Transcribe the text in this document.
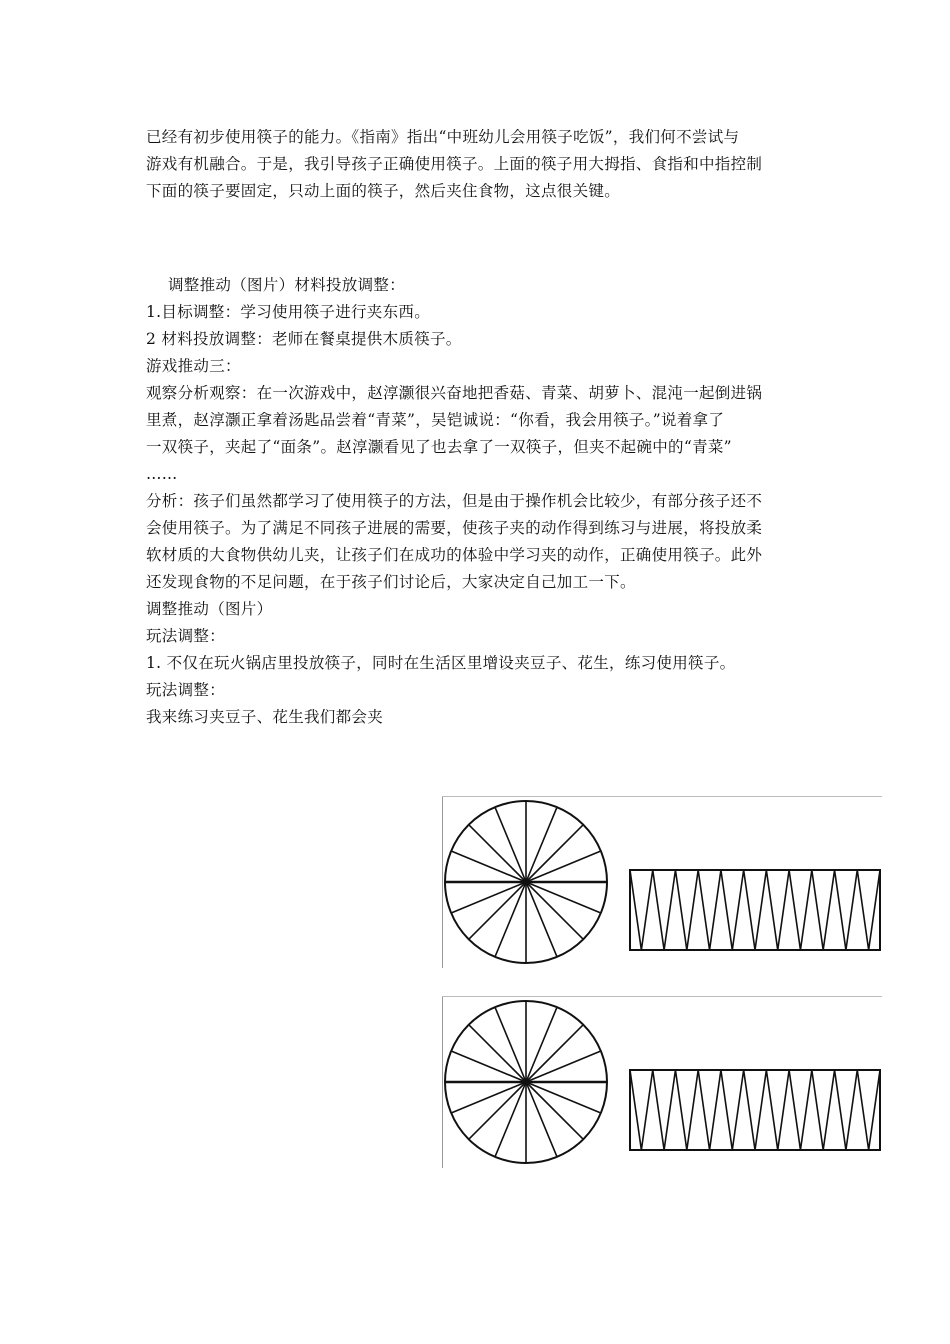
已经有初步使用筷子的能力。《指南》指出“中班幼儿会用筷子吃饭”，我们何不尝试与
游戏有机融合。于是，我引导孩子正确使用筷子。上面的筷子用大拇指、食指和中指控制
下面的筷子要固定，只动上面的筷子，然后夹住食物，这点很关键。
调整推动（图片）材料投放调整：
1.目标调整：学习使用筷子进行夹东西。
2 材料投放调整：老师在餐桌提供木质筷子。
游戏推动三：
观察分析观察：在一次游戏中，赵淳灏很兴奋地把香菇、青菜、胡萝卜、混沌一起倒进锅
里煮，赵淳灏正拿着汤匙品尝着“青菜”，吴铠诚说：“你看，我会用筷子。”说着拿了
一双筷子，夹起了“面条”。赵淳灏看见了也去拿了一双筷子，但夹不起碗中的“青菜”
……
分析：孩子们虽然都学习了使用筷子的方法，但是由于操作机会比较少，有部分孩子还不
会使用筷子。为了满足不同孩子进展的需要，使孩子夹的动作得到练习与进展，将投放柔
软材质的大食物供幼儿夹，让孩子们在成功的体验中学习夹的动作，正确使用筷子。此外
还发现食物的不足问题，在于孩子们讨论后，大家决定自己加工一下。
调整推动（图片）
玩法调整：
1. 不仅在玩火锅店里投放筷子，同时在生活区里增设夹豆子、花生，练习使用筷子。
玩法调整：
我来练习夹豆子、花生我们都会夹
